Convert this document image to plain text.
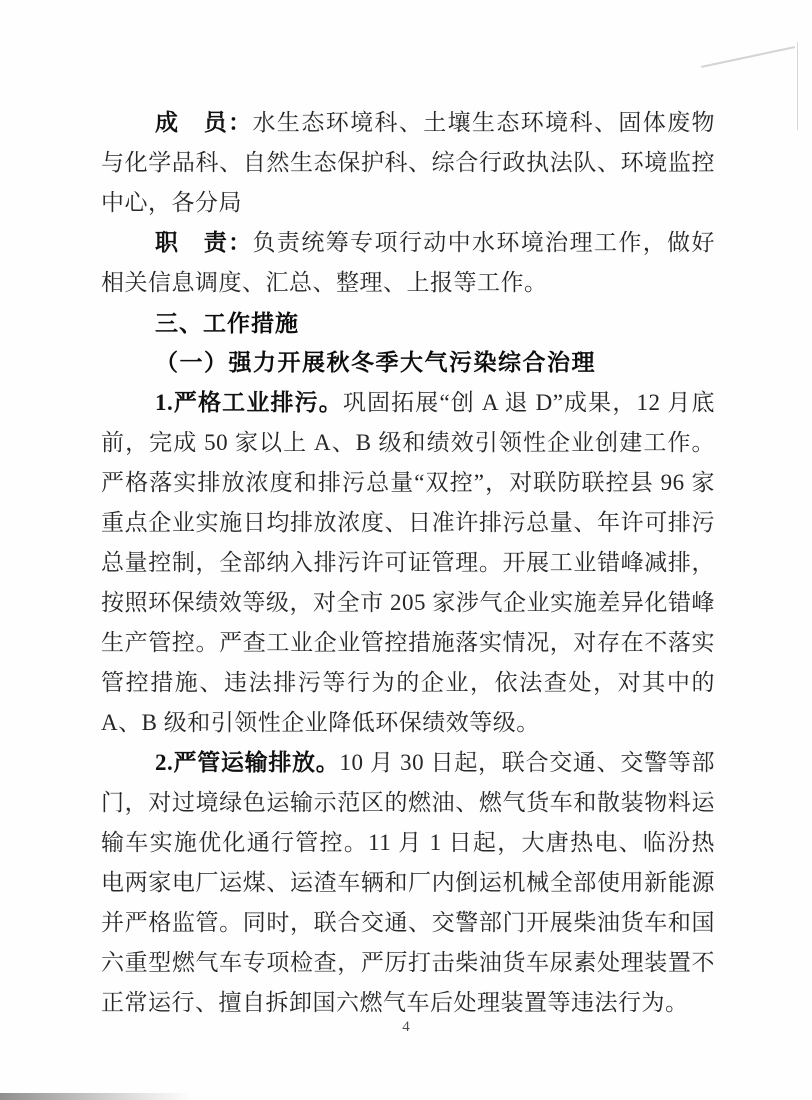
成　员：水生态环境科、土壤生态环境科、固体废物与化学品科、自然生态保护科、综合行政执法队、环境监控中心，各分局

职　责：负责统筹专项行动中水环境治理工作，做好相关信息调度、汇总、整理、上报等工作。

三、工作措施

（一）强力开展秋冬季大气污染综合治理

1.严格工业排污。巩固拓展“创 A 退 D”成果，12 月底前，完成 50 家以上 A、B 级和绩效引领性企业创建工作。严格落实排放浓度和排污总量“双控”，对联防联控县 96 家重点企业实施日均排放浓度、日准许排污总量、年许可排污总量控制，全部纳入排污许可证管理。开展工业错峰减排，按照环保绩效等级，对全市 205 家涉气企业实施差异化错峰生产管控。严查工业企业管控措施落实情况，对存在不落实管控措施、违法排污等行为的企业，依法查处，对其中的 A、B 级和引领性企业降低环保绩效等级。

2.严管运输排放。10 月 30 日起，联合交通、交警等部门，对过境绿色运输示范区的燃油、燃气货车和散装物料运输车实施优化通行管控。11 月 1 日起，大唐热电、临汾热电两家电厂运煤、运渣车辆和厂内倒运机械全部使用新能源并严格监管。同时，联合交通、交警部门开展柴油货车和国六重型燃气车专项检查，严厉打击柴油货车尿素处理装置不正常运行、擅自拆卸国六燃气车后处理装置等违法行为。

4
